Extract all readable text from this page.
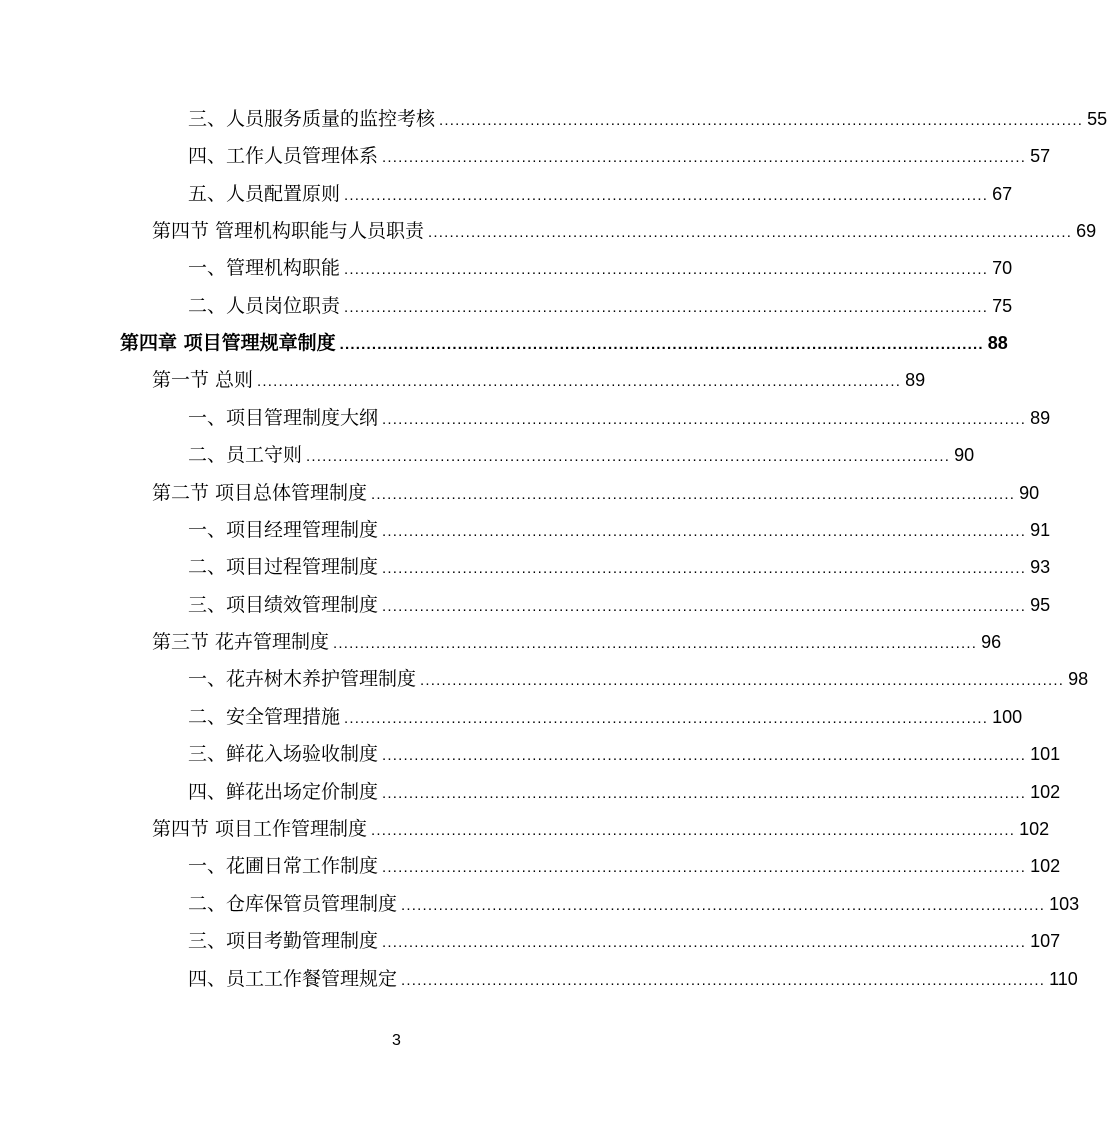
三、人员服务质量的监控考核 ........................................................................................................................ 55
四、工作人员管理体系 ........................................................................................................................ 57
五、人员配置原则 ........................................................................................................................ 67
第四节 管理机构职能与人员职责 ........................................................................................................................ 69
一、管理机构职能 ........................................................................................................................ 70
二、人员岗位职责 ........................................................................................................................ 75
第四章 项目管理规章制度 ........................................................................................................................ 88
第一节 总则 ........................................................................................................................ 89
一、项目管理制度大纲 ........................................................................................................................ 89
二、员工守则 ........................................................................................................................ 90
第二节 项目总体管理制度 ........................................................................................................................ 90
一、项目经理管理制度 ........................................................................................................................ 91
二、项目过程管理制度 ........................................................................................................................ 93
三、项目绩效管理制度 ........................................................................................................................ 95
第三节 花卉管理制度 ........................................................................................................................ 96
一、花卉树木养护管理制度 ........................................................................................................................ 98
二、安全管理措施 ........................................................................................................................ 100
三、鲜花入场验收制度 ........................................................................................................................ 101
四、鲜花出场定价制度 ........................................................................................................................ 102
第四节 项目工作管理制度 ........................................................................................................................ 102
一、花圃日常工作制度 ........................................................................................................................ 102
二、仓库保管员管理制度 ........................................................................................................................ 103
三、项目考勤管理制度 ........................................................................................................................ 107
四、员工工作餐管理规定 ........................................................................................................................ 110
3
